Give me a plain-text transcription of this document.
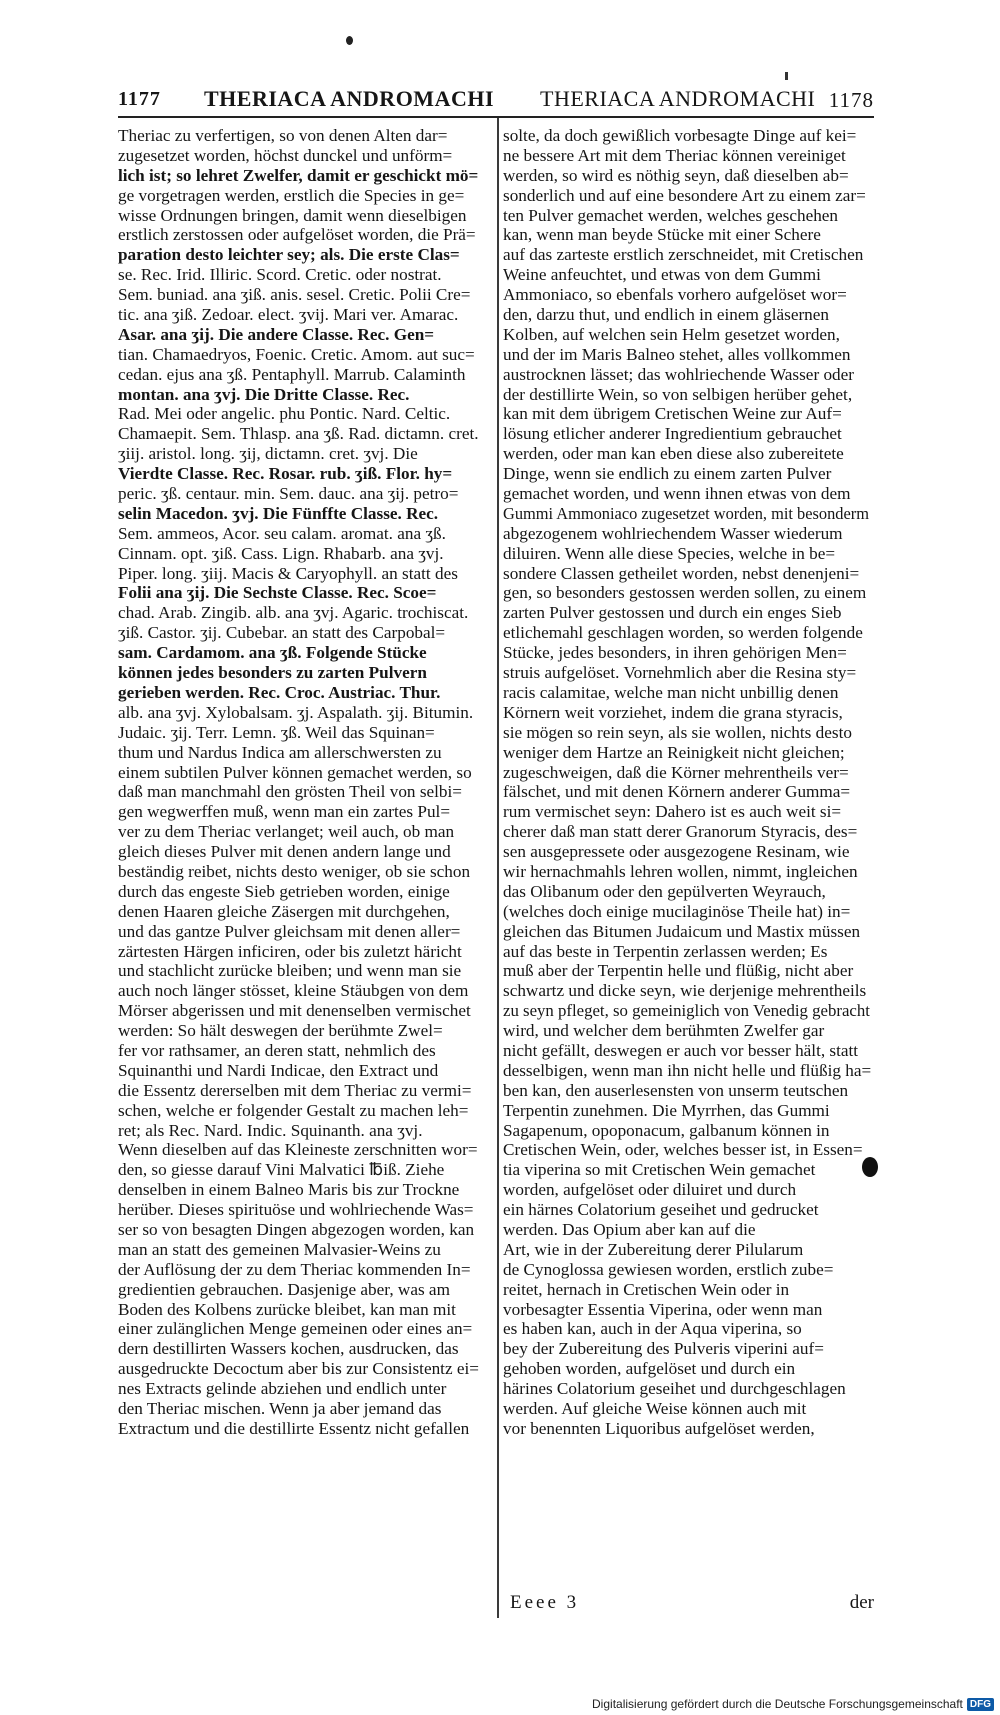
1177 THERIACA ANDROMACHI THERIACA ANDROMACHI 1178
Theriac zu verfertigen, so von denen Alten dar=
zugesetzet worden, höchst dunckel und unförm=
lich ist; so lehret Zwelfer, damit er geschickt mö=
ge vorgetragen werden, erstlich die Species in ge=
wisse Ordnungen bringen, damit wenn dieselbigen
erstlich zerstossen oder aufgelöset worden, die Prä=
paration desto leichter sey; als. Die erste Clas=
se. Rec. Irid. Illiric. Scord. Cretic. oder nostrat.
Sem. buniad. ana ʒiß. anis. sesel. Cretic. Polii Cre=
tic. ana ʒiß. Zedoar. elect. ʒvij. Mari ver. Amarac.
Asar. ana ʒij. Die andere Classe. Rec. Gen=
tian. Chamaedryos, Foenic. Cretic. Amom. aut suc=
cedan. ejus ana ʒß. Pentaphyll. Marrub. Calaminth
montan. ana ʒvj. Die Dritte Classe. Rec.
Rad. Mei oder angelic. phu Pontic. Nard. Celtic.
Chamaepit. Sem. Thlasp. ana ʒß. Rad. dictamn. cret.
ʒiij. aristol. long. ʒij, dictamn. cret. ʒvj. Die
Vierdte Classe. Rec. Rosar. rub. ʒiß. Flor. hy=
peric. ʒß. centaur. min. Sem. dauc. ana ʒij. petro=
selin Macedon. ʒvj. Die Fünffte Classe. Rec.
Sem. ammeos, Acor. seu calam. aromat. ana ʒß.
Cinnam. opt. ʒiß. Cass. Lign. Rhabarb. ana ʒvj.
Piper. long. ʒiij. Macis & Caryophyll. an statt des
Folii ana ʒij. Die Sechste Classe. Rec. Scoe=
chad. Arab. Zingib. alb. ana ʒvj. Agaric. trochiscat.
ʒiß. Castor. ʒij. Cubebar. an statt des Carpobal=
sam. Cardamom. ana ʒß. Folgende Stücke
können jedes besonders zu zarten Pulvern
gerieben werden. Rec. Croc. Austriac. Thur.
alb. ana ʒvj. Xylobalsam. ʒj. Aspalath. ʒij. Bitumin.
Judaic. ʒij. Terr. Lemn. ʒß. Weil das Squinan=
thum und Nardus Indica am allerschwersten zu
einem subtilen Pulver können gemachet werden, so
daß man manchmahl den grösten Theil von selbi=
gen wegwerffen muß, wenn man ein zartes Pul=
ver zu dem Theriac verlanget; weil auch, ob man
gleich dieses Pulver mit denen andern lange und
beständig reibet, nichts desto weniger, ob sie schon
durch das engeste Sieb getrieben worden, einige
denen Haaren gleiche Zäsergen mit durchgehen,
und das gantze Pulver gleichsam mit denen aller=
zärtesten Härgen inficiren, oder bis zuletzt häricht
und stachlicht zurücke bleiben; und wenn man sie
auch noch länger stösset, kleine Stäubgen von dem
Mörser abgerissen und mit denenselben vermischet
werden: So hält deswegen der berühmte Zwel=
fer vor rathsamer, an deren statt, nehmlich des
Squinanthi und Nardi Indicae, den Extract und
die Essentz dererselben mit dem Theriac zu vermi=
schen, welche er folgender Gestalt zu machen leh=
ret; als Rec. Nard. Indic. Squinanth. ana ʒvj.
Wenn dieselben auf das Kleineste zerschnitten wor=
den, so giesse darauf Vini Malvatici ℔iß. Ziehe
denselben in einem Balneo Maris bis zur Trockne
herüber. Dieses spirituöse und wohlriechende Was=
ser so von besagten Dingen abgezogen worden, kan
man an statt des gemeinen Malvasier-Weins zu
der Auflösung der zu dem Theriac kommenden In=
gredientien gebrauchen. Dasjenige aber, was am
Boden des Kolbens zurücke bleibet, kan man mit
einer zulänglichen Menge gemeinen oder eines an=
dern destillirten Wassers kochen, ausdrucken, das
ausgedruckte Decoctum aber bis zur Consistentz ei=
nes Extracts gelinde abziehen und endlich unter
den Theriac mischen. Wenn ja aber jemand das
Extractum und die destillirte Essentz nicht gefallen
solte, da doch gewißlich vorbesagte Dinge auf kei=
ne bessere Art mit dem Theriac können vereiniget
werden, so wird es nöthig seyn, daß dieselben ab=
sonderlich und auf eine besondere Art zu einem zar=
ten Pulver gemachet werden, welches geschehen
kan, wenn man beyde Stücke mit einer Schere
auf das zarteste erstlich zerschneidet, mit Cretischen
Weine anfeuchtet, und etwas von dem Gummi
Ammoniaco, so ebenfals vorhero aufgelöset wor=
den, darzu thut, und endlich in einem gläsernen
Kolben, auf welchen sein Helm gesetzet worden,
und der im Maris Balneo stehet, alles vollkommen
austrocknen lässet; das wohlriechende Wasser oder
der destillirte Wein, so von selbigen herüber gehet,
kan mit dem übrigem Cretischen Weine zur Auf=
lösung etlicher anderer Ingredientium gebrauchet
werden, oder man kan eben diese also zubereitete
Dinge, wenn sie endlich zu einem zarten Pulver
gemachet worden, und wenn ihnen etwas von dem
Gummi Ammoniaco zugesetzet worden, mit besonderm
abgezogenem wohlriechendem Wasser wiederum
diluiren. Wenn alle diese Species, welche in be=
sondere Classen getheilet worden, nebst denenjeni=
gen, so besonders gestossen werden sollen, zu einem
zarten Pulver gestossen und durch ein enges Sieb
etlichemahl geschlagen worden, so werden folgende
Stücke, jedes besonders, in ihren gehörigen Men=
struis aufgelöset. Vornehmlich aber die Resina sty=
racis calamitae, welche man nicht unbillig denen
Körnern weit vorziehet, indem die grana styracis,
sie mögen so rein seyn, als sie wollen, nichts desto
weniger dem Hartze an Reinigkeit nicht gleichen;
zugeschweigen, daß die Körner mehrentheils ver=
fälschet, und mit denen Körnern anderer Gumma=
rum vermischet seyn: Dahero ist es auch weit si=
cherer daß man statt derer Granorum Styracis, des=
sen ausgepressete oder ausgezogene Resinam, wie
wir hernachmahls lehren wollen, nimmt, ingleichen
das Olibanum oder den gepülverten Weyrauch,
(welches doch einige mucilaginöse Theile hat) in=
gleichen das Bitumen Judaicum und Mastix müssen
auf das beste in Terpentin zerlassen werden; Es
muß aber der Terpentin helle und flüßig, nicht aber
schwartz und dicke seyn, wie derjenige mehrentheils
zu seyn pfleget, so gemeiniglich von Venedig gebracht
wird, und welcher dem berühmten Zwelfer gar
nicht gefällt, deswegen er auch vor besser hält, statt
desselbigen, wenn man ihn nicht helle und flüßig ha=
ben kan, den auserlesensten von unserm teutschen
Terpentin zunehmen. Die Myrrhen, das Gummi
Sagapenum, opoponacum, galbanum können in
Cretischen Wein, oder, welches besser ist, in Essen=
tia viperina so mit Cretischen Wein gemachet
worden, aufgelöset oder diluiret und durch
ein härnes Colatorium geseihet und gedrucket
werden. Das Opium aber kan auf die
Art, wie in der Zubereitung derer Pilularum
de Cynoglossa gewiesen worden, erstlich zube=
reitet, hernach in Cretischen Wein oder in
vorbesagter Essentia Viperina, oder wenn man
es haben kan, auch in der Aqua viperina, so
bey der Zubereitung des Pulveris viperini auf=
gehoben worden, aufgelöset und durch ein
härines Colatorium geseihet und durchgeschlagen
werden. Auf gleiche Weise können auch mit
vor benennten Liquoribus aufgelöset werden,
Eeee 3	der
Digitalisierung gefördert durch die Deutsche Forschungsgemeinschaft DFG
